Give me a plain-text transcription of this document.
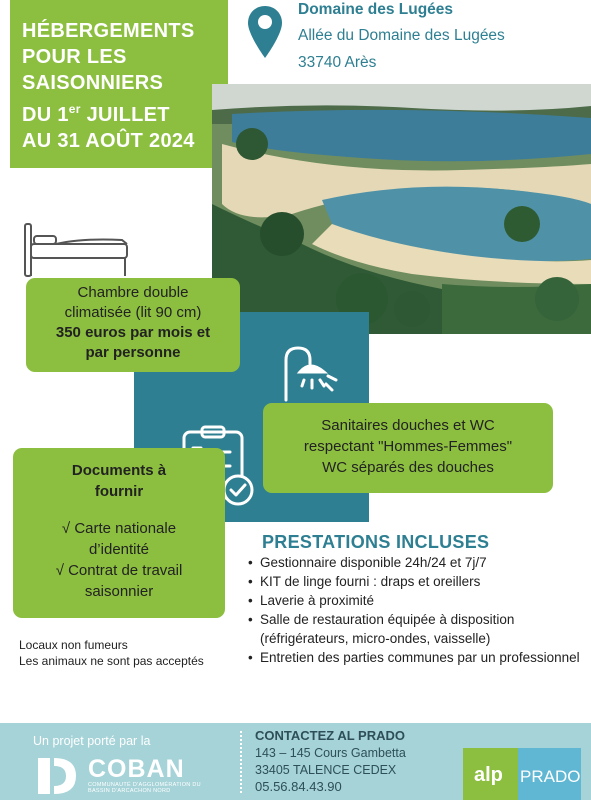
HÉBERGEMENTS
POUR LES
SAISONNIERS
DU 1er JUILLET
AU 31 AOÛT 2024
Domaine des Lugées
Allée du Domaine des Lugées
33740 Arès
Chambre double
climatisée (lit 90 cm)
350 euros par mois et
par personne
Sanitaires douches et WC
respectant "Hommes-Femmes"
WC séparés des douches
Documents à
fournir
√ Carte nationale
d’identité
√ Contrat de travail
saisonnier
Locaux non fumeurs
Les animaux ne sont pas acceptés
PRESTATIONS INCLUSES
• Gestionnaire disponible 24h/24 et 7j/7
• KIT de linge fourni : draps et oreillers
• Laverie à proximité
• Salle de restauration équipée à disposition (réfrigérateurs, micro-ondes, vaisselle)
• Entretien des parties communes par un professionnel
Un projet porté par la
COBAN
COMMUNAUTÉ D'AGGLOMÉRATION DU BASSIN D'ARCACHON NORD
CONTACTEZ AL PRADO
143 – 145 Cours Gambetta
33405 TALENCE CEDEX
05.56.84.43.90
alp PRADO
